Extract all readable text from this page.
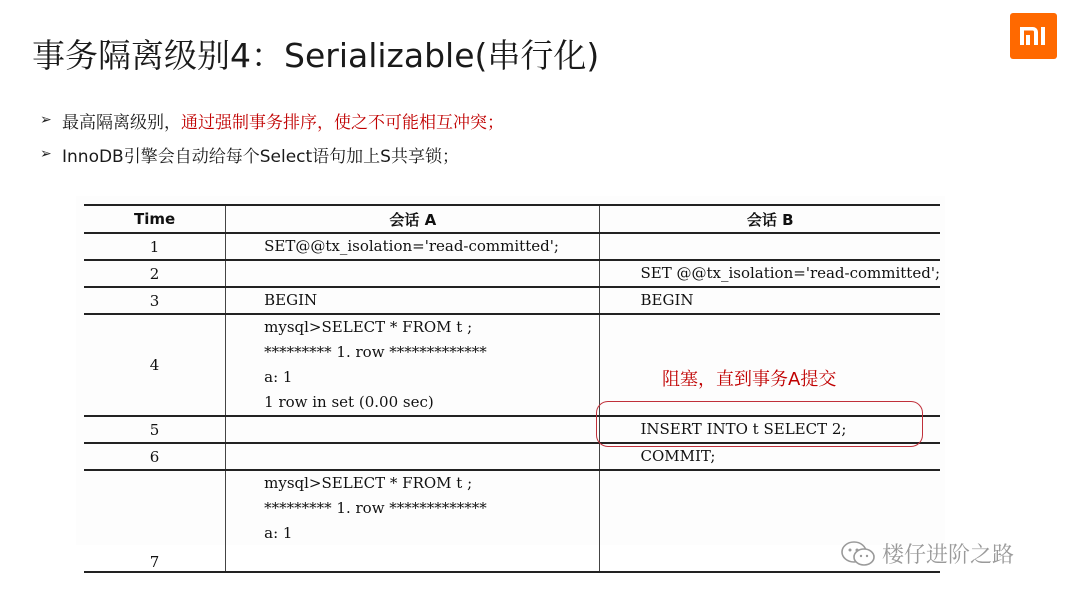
事务隔离级别4：Serializable(串行化)
➢ 最高隔离级别， 通过强制事务排序，使之不可能相互冲突；
➢ InnoDB引擎会自动给每个Select语句加上S共享锁；
Time	会话 A	会话 B
1	SET@@tx_isolation='read-committed';	

2		SET @@tx_isolation='read-committed';

3	BEGIN	BEGIN

4	mysql>SELECT * FROM t ;
********* 1. row *************
a: 1
1 row in set (0.00 sec)	

5		INSERT INTO t SELECT 2;

6		COMMIT;

7	mysql>SELECT * FROM t ;
********* 1. row *************
a: 1	

阻塞，直到事务A提交
楼仔进阶之路
